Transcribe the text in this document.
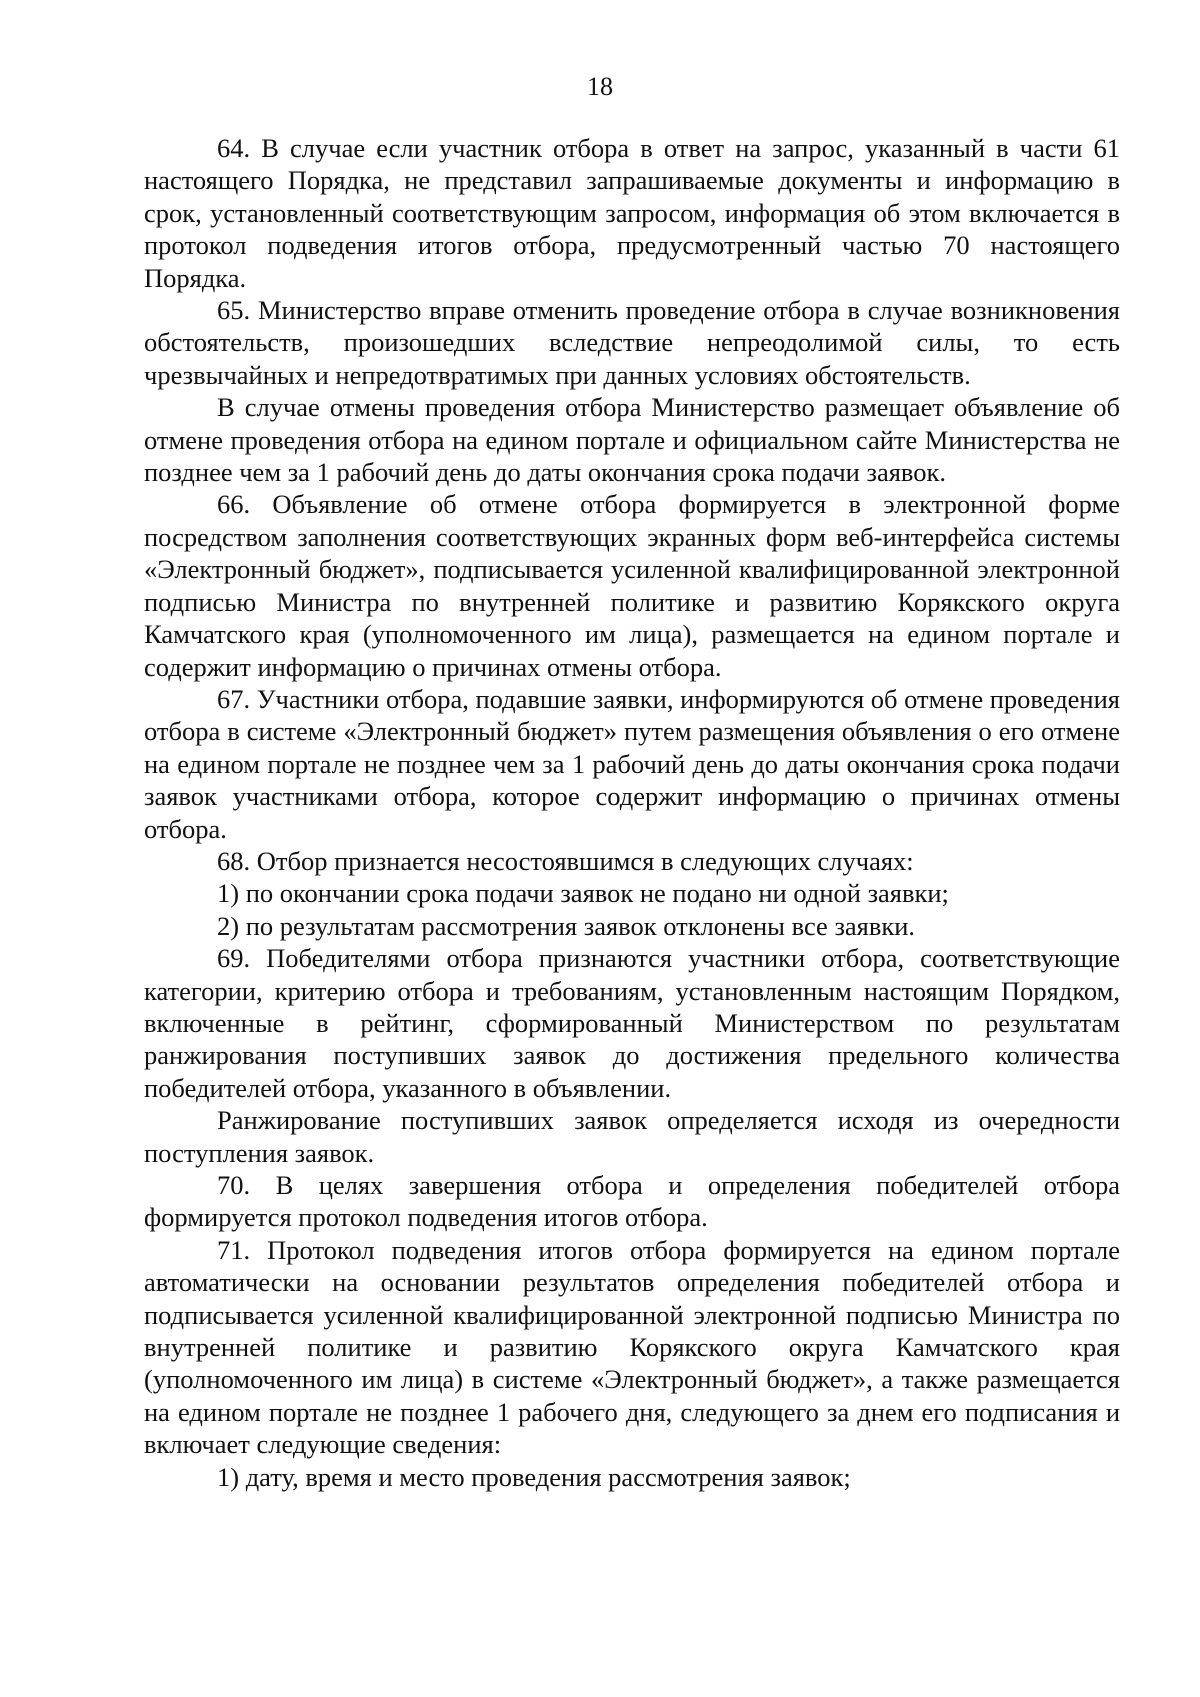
18

64. В случае если участник отбора в ответ на запрос, указанный в части 61 настоящего Порядка, не представил запрашиваемые документы и информацию в срок, установленный соответствующим запросом, информация об этом включается в протокол подведения итогов отбора, предусмотренный частью 70 настоящего Порядка.

65. Министерство вправе отменить проведение отбора в случае возникновения обстоятельств, произошедших вследствие непреодолимой силы, то есть чрезвычайных и непредотвратимых при данных условиях обстоятельств.

В случае отмены проведения отбора Министерство размещает объявление об отмене проведения отбора на едином портале и официальном сайте Министерства не позднее чем за 1 рабочий день до даты окончания срока подачи заявок.

66. Объявление об отмене отбора формируется в электронной форме посредством заполнения соответствующих экранных форм веб-интерфейса системы «Электронный бюджет», подписывается усиленной квалифицированной электронной подписью Министра по внутренней политике и развитию Корякского округа Камчатского края (уполномоченного им лица), размещается на едином портале и содержит информацию о причинах отмены отбора.

67. Участники отбора, подавшие заявки, информируются об отмене проведения отбора в системе «Электронный бюджет» путем размещения объявления о его отмене на едином портале не позднее чем за 1 рабочий день до даты окончания срока подачи заявок участниками отбора, которое содержит информацию о причинах отмены отбора.

68. Отбор признается несостоявшимся в следующих случаях:

1) по окончании срока подачи заявок не подано ни одной заявки;

2) по результатам рассмотрения заявок отклонены все заявки.

69. Победителями отбора признаются участники отбора, соответствующие категории, критерию отбора и требованиям, установленным настоящим Порядком, включенные в рейтинг, сформированный Министерством по результатам ранжирования поступивших заявок до достижения предельного количества победителей отбора, указанного в объявлении.

Ранжирование поступивших заявок определяется исходя из очередности поступления заявок.

70. В целях завершения отбора и определения победителей отбора формируется протокол подведения итогов отбора.

71. Протокол подведения итогов отбора формируется на едином портале автоматически на основании результатов определения победителей отбора и подписывается усиленной квалифицированной электронной подписью Министра по внутренней политике и развитию Корякского округа Камчатского края (уполномоченного им лица) в системе «Электронный бюджет», а также размещается на едином портале не позднее 1 рабочего дня, следующего за днем его подписания и включает следующие сведения:

1) дату, время и место проведения рассмотрения заявок;
